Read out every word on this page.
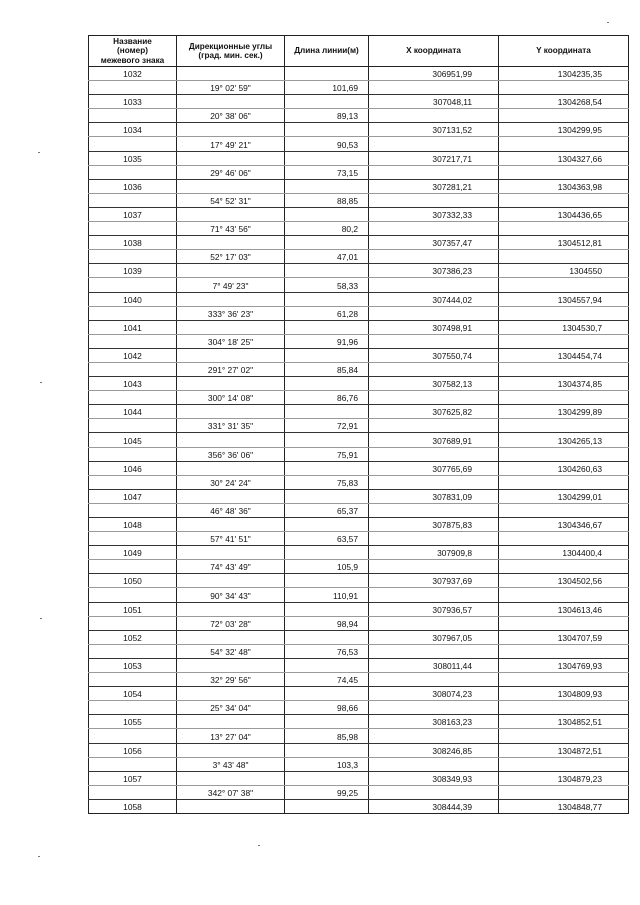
Название
(номер)
межевого знака	Дирекционные углы
(град. мин. сек.)	Длина линии(м)	X координата	Y координата

1032			306951,99	1304235,35
	19° 02' 59"	101,69		
1033			307048,11	1304268,54
	20° 38' 06"	89,13		
1034			307131,52	1304299,95
	17° 49' 21"	90,53		
1035			307217,71	1304327,66
	29° 46' 06"	73,15		
1036			307281,21	1304363,98
	54° 52' 31"	88,85		
1037			307332,33	1304436,65
	71° 43' 56"	80,2		
1038			307357,47	1304512,81
	52° 17' 03"	47,01		
1039			307386,23	1304550
	7° 49' 23"	58,33		
1040			307444,02	1304557,94
	333° 36' 23"	61,28		
1041			307498,91	1304530,7
	304° 18' 25"	91,96		
1042			307550,74	1304454,74
	291° 27' 02"	85,84		
1043			307582,13	1304374,85
	300° 14' 08"	86,76		
1044			307625,82	1304299,89
	331° 31' 35"	72,91		
1045			307689,91	1304265,13
	356° 36' 06"	75,91		
1046			307765,69	1304260,63
	30° 24' 24"	75,83		
1047			307831,09	1304299,01
	46° 48' 36"	65,37		
1048			307875,83	1304346,67
	57° 41' 51"	63,57		
1049			307909,8	1304400,4
	74° 43' 49"	105,9		
1050			307937,69	1304502,56
	90° 34' 43"	110,91		
1051			307936,57	1304613,46
	72° 03' 28"	98,94		
1052			307967,05	1304707,59
	54° 32' 48"	76,53		
1053			308011,44	1304769,93
	32° 29' 56"	74,45		
1054			308074,23	1304809,93
	25° 34' 04"	98,66		
1055			308163,23	1304852,51
	13° 27' 04"	85,98		
1056			308246,85	1304872,51
	3° 43' 48"	103,3		
1057			308349,93	1304879,23
	342° 07' 38"	99,25		
1058			308444,39	1304848,77
